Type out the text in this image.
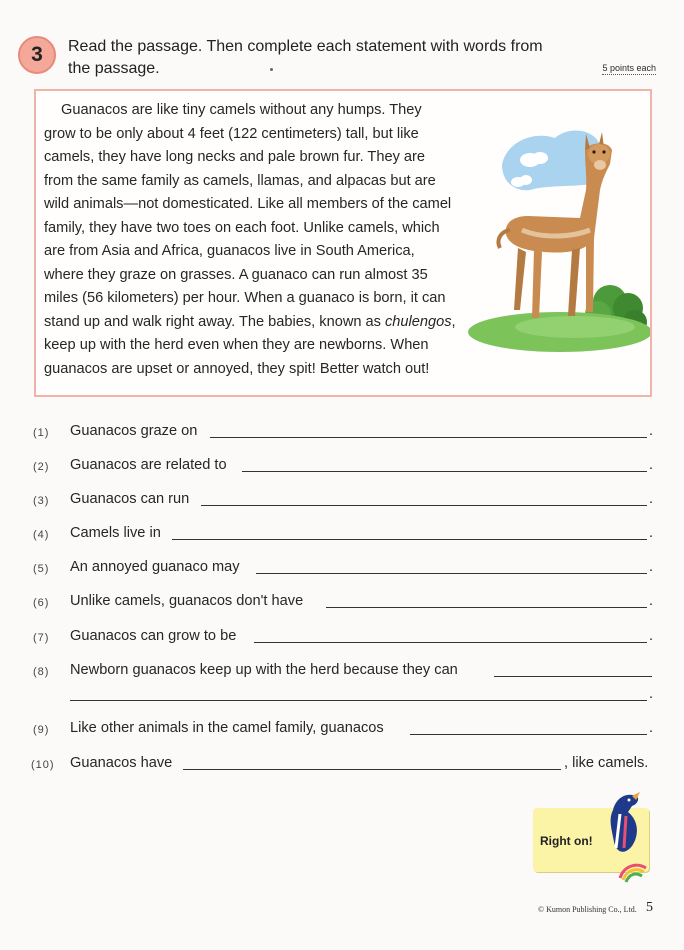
3 Read the passage. Then complete each statement with words from
the passage.	5 points each

Guanacos are like tiny camels without any humps. They grow to be only about 4 feet (122 centimeters) tall, but like camels, they have long necks and pale brown fur. They are from the same family as camels, llamas, and alpacas but are wild animals—not domesticated. Like all members of the camel family, they have two toes on each foot. Unlike camels, which are from Asia and Africa, guanacos live in South America, where they graze on grasses. A guanaco can run almost 35 miles (56 kilometers) per hour. When a guanaco is born, it can stand up and walk right away. The babies, known as chulengos, keep up with the herd even when they are newborns. When guanacos are upset or annoyed, they spit! Better watch out!

(1) Guanacos graze on	.
(2) Guanacos are related to	.
(3) Guanacos can run	.
(4) Camels live in	.
(5) An annoyed guanaco may	.
(6) Unlike camels, guanacos don't have	.
(7) Guanacos can grow to be	.
(8) Newborn guanacos keep up with the herd because they can
.
(9) Like other animals in the camel family, guanacos	.
(10) Guanacos have	, like camels.
Right on!
© Kumon Publishing Co., Ltd. 5
